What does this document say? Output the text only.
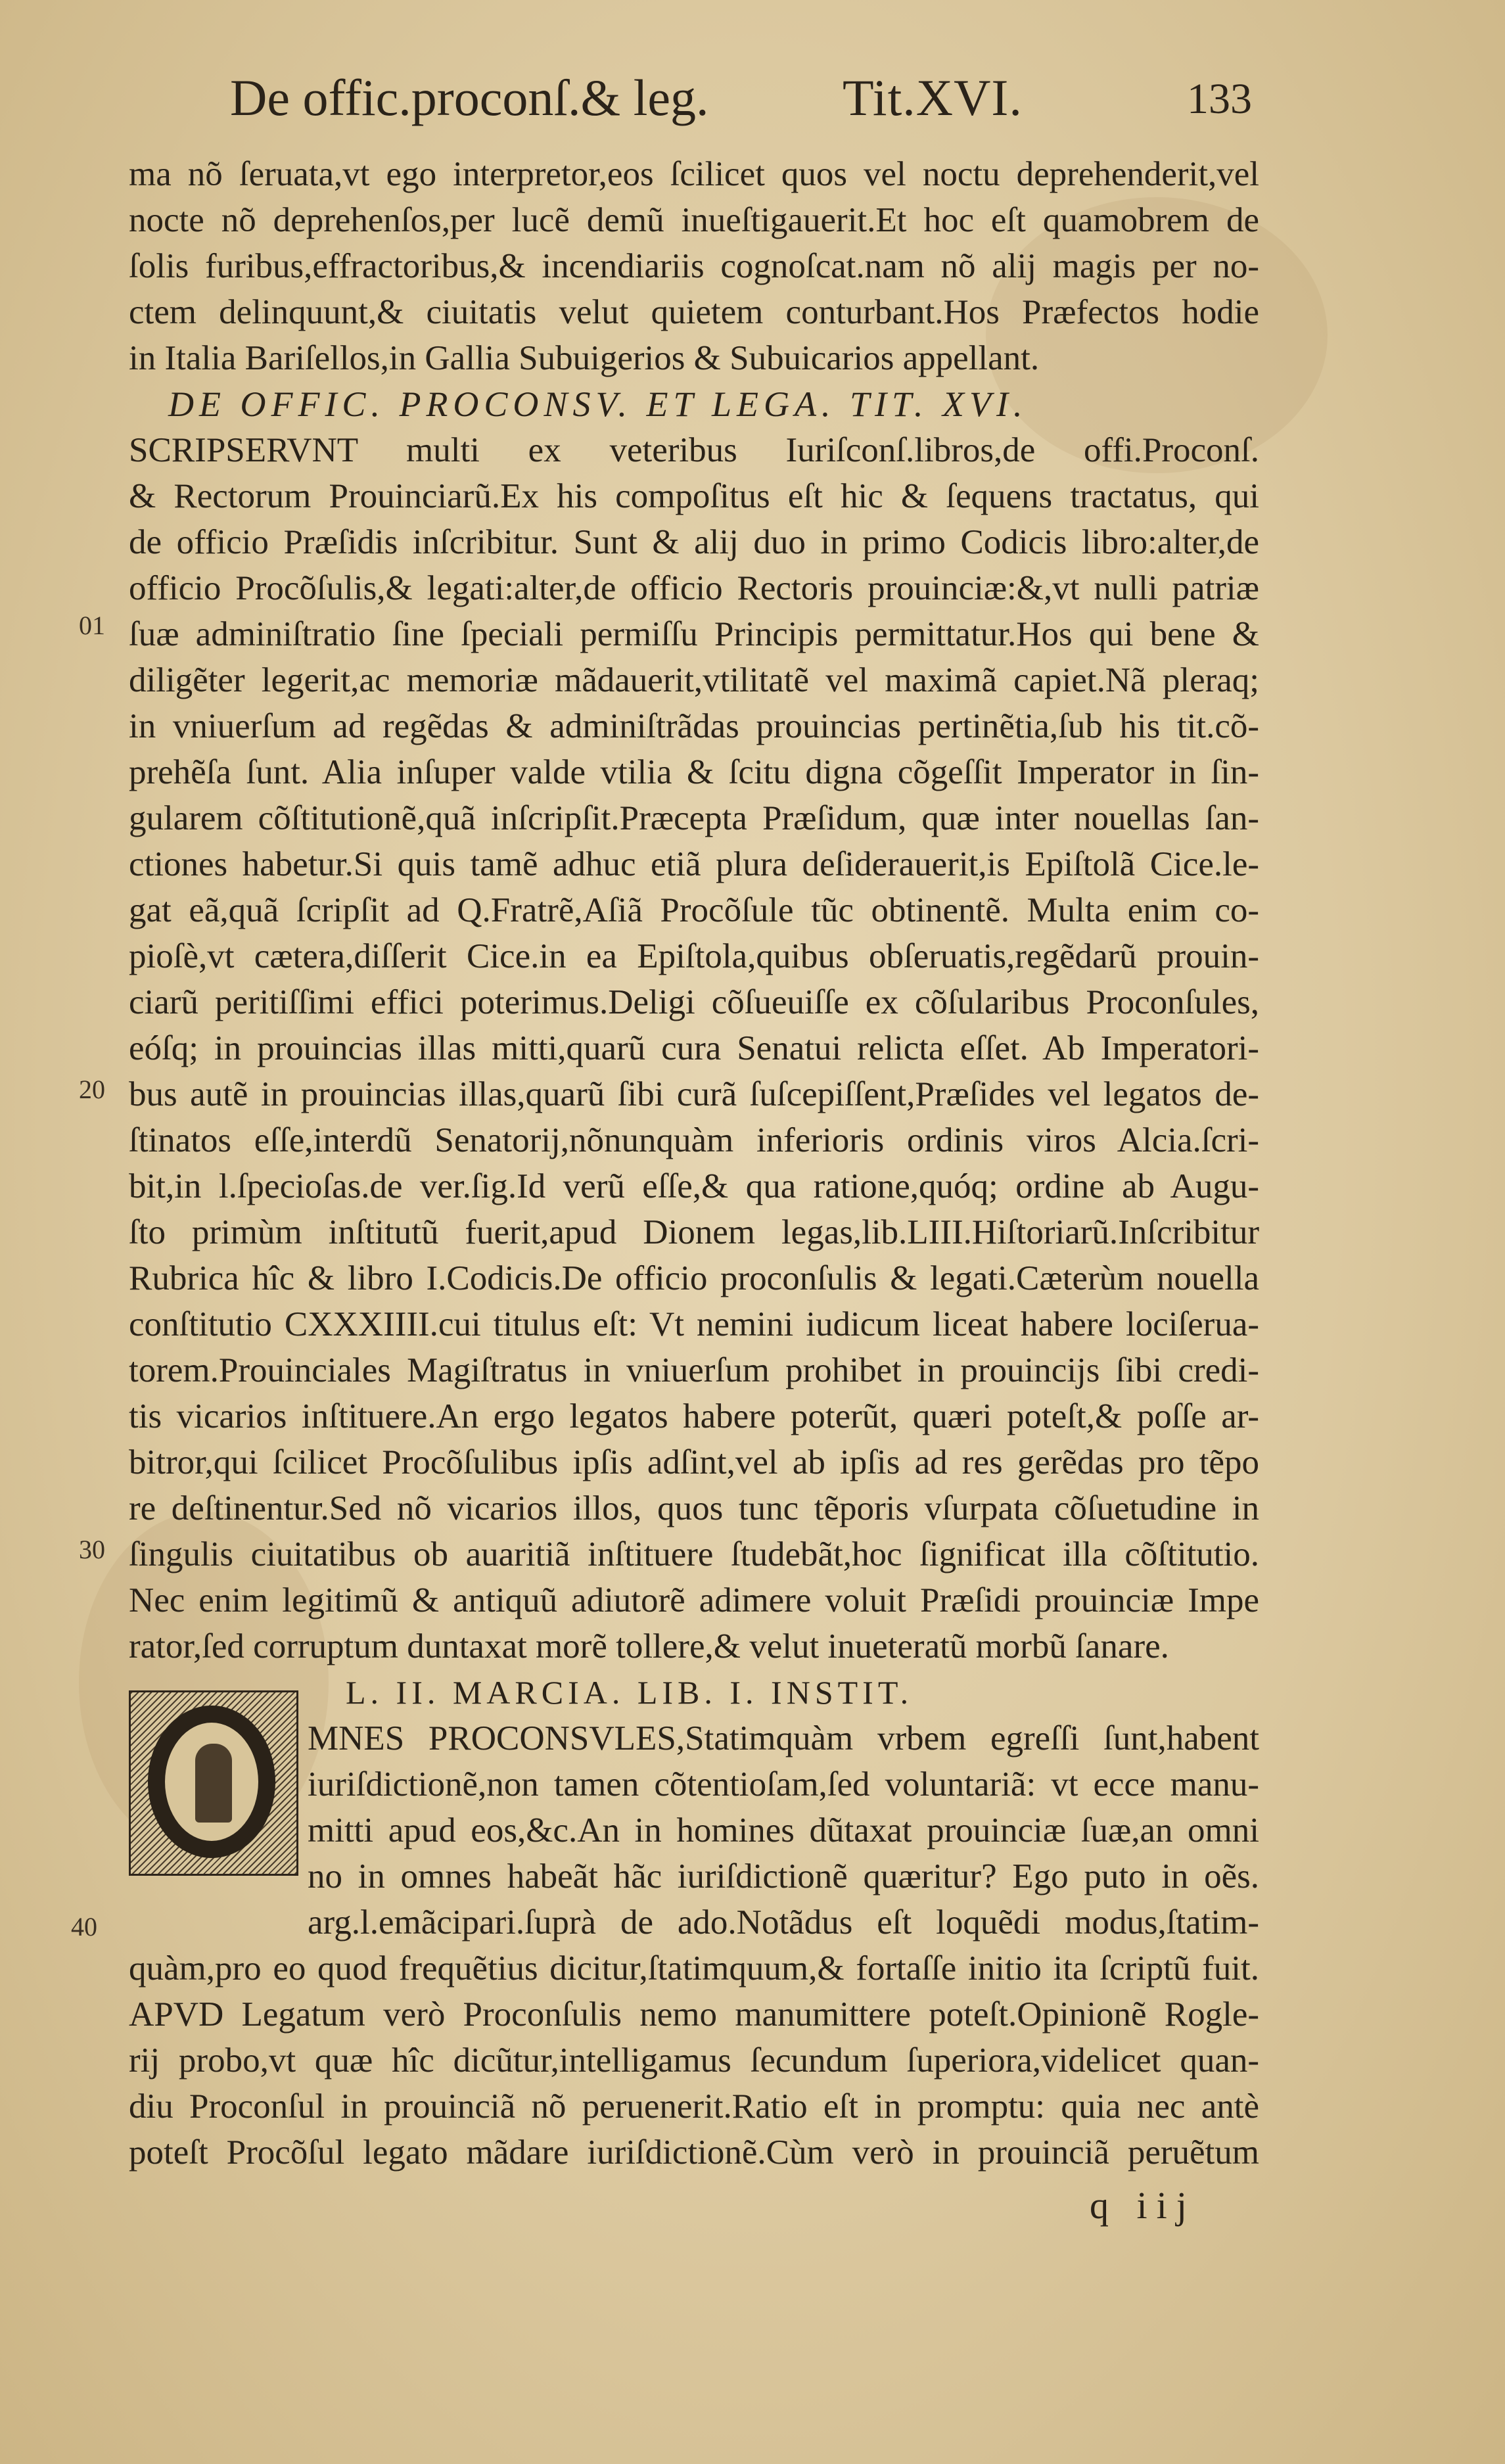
De offic.proconſ.& leg.	Tit.XVI.	133
01
20
30
40
ma nõ ſeruata,vt ego interpretor,eos ſcilicet quos vel noctu deprehenderit,vel
nocte nõ deprehenſos,per lucẽ demũ inueſtigauerit.Et hoc eſt quamobrem de
ſolis furibus,effractoribus,& incendiariis cognoſcat.nam nõ alij magis per no-
ctem delinquunt,& ciuitatis velut quietem conturbant.Hos Præfectos hodie
in Italia Bariſellos,in Gallia Subuigerios & Subuicarios appellant.
DE OFFIC. PROCONSV. ET LEGA. TIT. XVI.
SCRIPSERVNT multi ex veteribus Iuriſconſ.libros,de offi.Proconſ.
& Rectorum Prouinciarũ.Ex his compoſitus eſt hic & ſequens tractatus, qui
de officio Præſidis inſcribitur. Sunt & alij duo in primo Codicis libro:alter,de
officio Procõſulis,& legati:alter,de officio Rectoris prouinciæ:&,vt nulli patriæ
ſuæ adminiſtratio ſine ſpeciali permiſſu Principis permittatur.Hos qui bene &
diligẽter legerit,ac memoriæ mãdauerit,vtilitatẽ vel maximã capiet.Nã pleraq;
in vniuerſum ad regẽdas & adminiſtrãdas prouincias pertinẽtia,ſub his tit.cõ-
prehẽſa ſunt. Alia inſuper valde vtilia & ſcitu digna cõgeſſit Imperator in ſin-
gularem cõſtitutionẽ,quã inſcripſit.Præcepta Præſidum, quæ inter nouellas ſan-
ctiones habetur.Si quis tamẽ adhuc etiã plura deſiderauerit,is Epiſtolã Cice.le-
gat eã,quã ſcripſit ad Q.Fratrẽ,Aſiã Procõſule tũc obtinentẽ. Multa enim co-
pioſè,vt cætera,diſſerit Cice.in ea Epiſtola,quibus obſeruatis,regẽdarũ prouin-
ciarũ peritiſſimi effici poterimus.Deligi cõſueuiſſe ex cõſularibus Proconſules,
eóſq; in prouincias illas mitti,quarũ cura Senatui relicta eſſet. Ab Imperatori-
bus autẽ in prouincias illas,quarũ ſibi curã ſuſcepiſſent,Præſides vel legatos de-
ſtinatos eſſe,interdũ Senatorij,nõnunquàm inferioris ordinis viros Alcia.ſcri-
bit,in l.ſpecioſas.de ver.ſig.Id verũ eſſe,& qua ratione,quóq; ordine ab Augu-
ſto primùm inſtitutũ fuerit,apud Dionem legas,lib.LIII.Hiſtoriarũ.Inſcribitur
Rubrica hîc & libro I.Codicis.De officio proconſulis & legati.Cæterùm nouella
conſtitutio CXXXIIII.cui titulus eſt: Vt nemini iudicum liceat habere lociſerua-
torem.Prouinciales Magiſtratus in vniuerſum prohibet in prouincijs ſibi credi-
tis vicarios inſtituere.An ergo legatos habere poterũt, quæri poteſt,& poſſe ar-
bitror,qui ſcilicet Procõſulibus ipſis adſint,vel ab ipſis ad res gerẽdas pro tẽpo
re deſtinentur.Sed nõ vicarios illos, quos tunc tẽporis vſurpata cõſuetudine in
ſingulis ciuitatibus ob auaritiã inſtituere ſtudebãt,hoc ſignificat illa cõſtitutio.
Nec enim legitimũ & antiquũ adiutorẽ adimere voluit Præſidi prouinciæ Impe
rator,ſed corruptum duntaxat morẽ tollere,& velut inueteratũ morbũ ſanare.
L. II. MARCIA. LIB. I. INSTIT.
MNES PROCONSVLES,Statimquàm vrbem egreſſi ſunt,habent
iuriſdictionẽ,non tamen cõtentioſam,ſed voluntariã: vt ecce manu-
mitti apud eos,&c.An in homines dũtaxat prouinciæ ſuæ,an omni
no in omnes habeãt hãc iuriſdictionẽ quæritur? Ego puto in oẽs.
arg.l.emãcipari.ſuprà de ado.Notãdus eſt loquẽdi modus,ſtatim-
quàm,pro eo quod frequẽtius dicitur,ſtatimquum,& fortaſſe initio ita ſcriptũ fuit.
APVD Legatum verò Proconſulis nemo manumittere poteſt.Opinionẽ Rogle-
rij probo,vt quæ hîc dicũtur,intelligamus ſecundum ſuperiora,videlicet quan-
diu Proconſul in prouinciã nõ peruenerit.Ratio eſt in promptu: quia nec antè
poteſt Procõſul legato mãdare iuriſdictionẽ.Cùm verò in prouinciã peruẽtum
q iij
